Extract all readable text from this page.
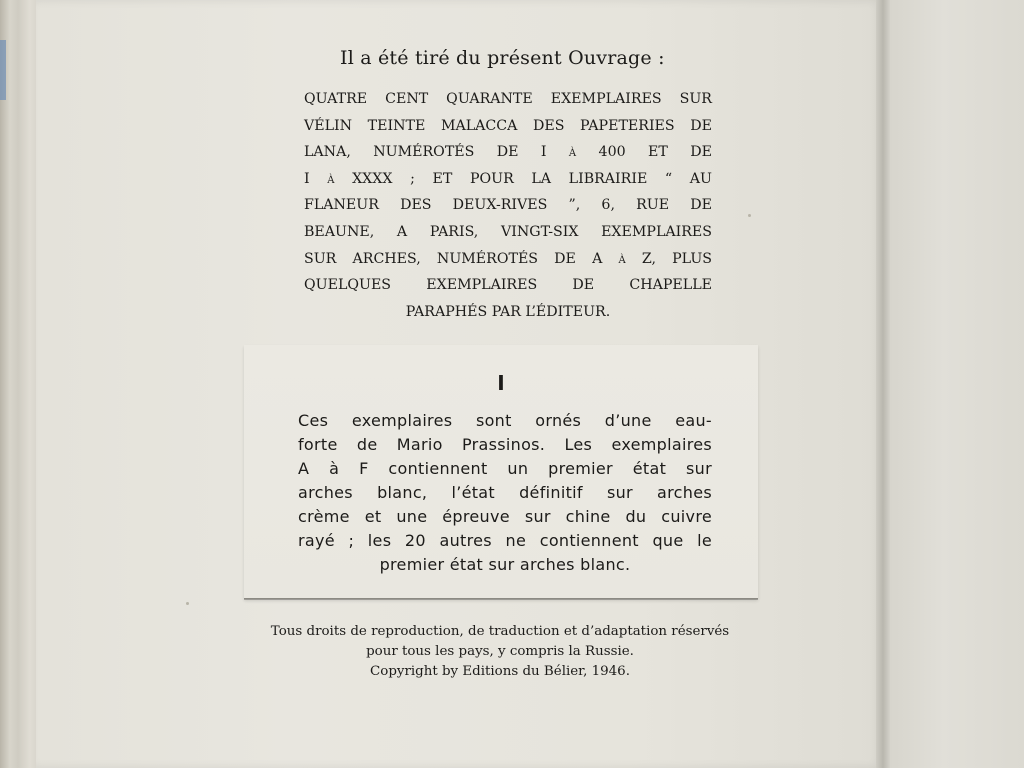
Il a été tiré du présent Ouvrage :
QUATRE CENT QUARANTE EXEMPLAIRES SUR
VÉLIN TEINTE MALACCA DES PAPETERIES DE
LANA, NUMÉROTÉS DE I à 400 ET DE
I à XXXX ; ET POUR LA LIBRAIRIE “ AU
FLANEUR DES DEUX-RIVES ”, 6, RUE DE
BEAUNE, A PARIS, VINGT-SIX EXEMPLAIRES
SUR ARCHES, NUMÉROTÉS DE A à Z, PLUS
QUELQUES EXEMPLAIRES DE CHAPELLE
PARAPHÉS PAR L’ÉDITEUR.
I
Ces exemplaires sont ornés d’une eau-
forte de Mario Prassinos. Les exemplaires
A à F contiennent un premier état sur
arches blanc, l’état définitif sur arches
crème et une épreuve sur chine du cuivre
rayé ; les 20 autres ne contiennent que le
premier état sur arches blanc.
Tous droits de reproduction, de traduction et d’adaptation réservés
pour tous les pays, y compris la Russie.
Copyright by Editions du Bélier, 1946.
